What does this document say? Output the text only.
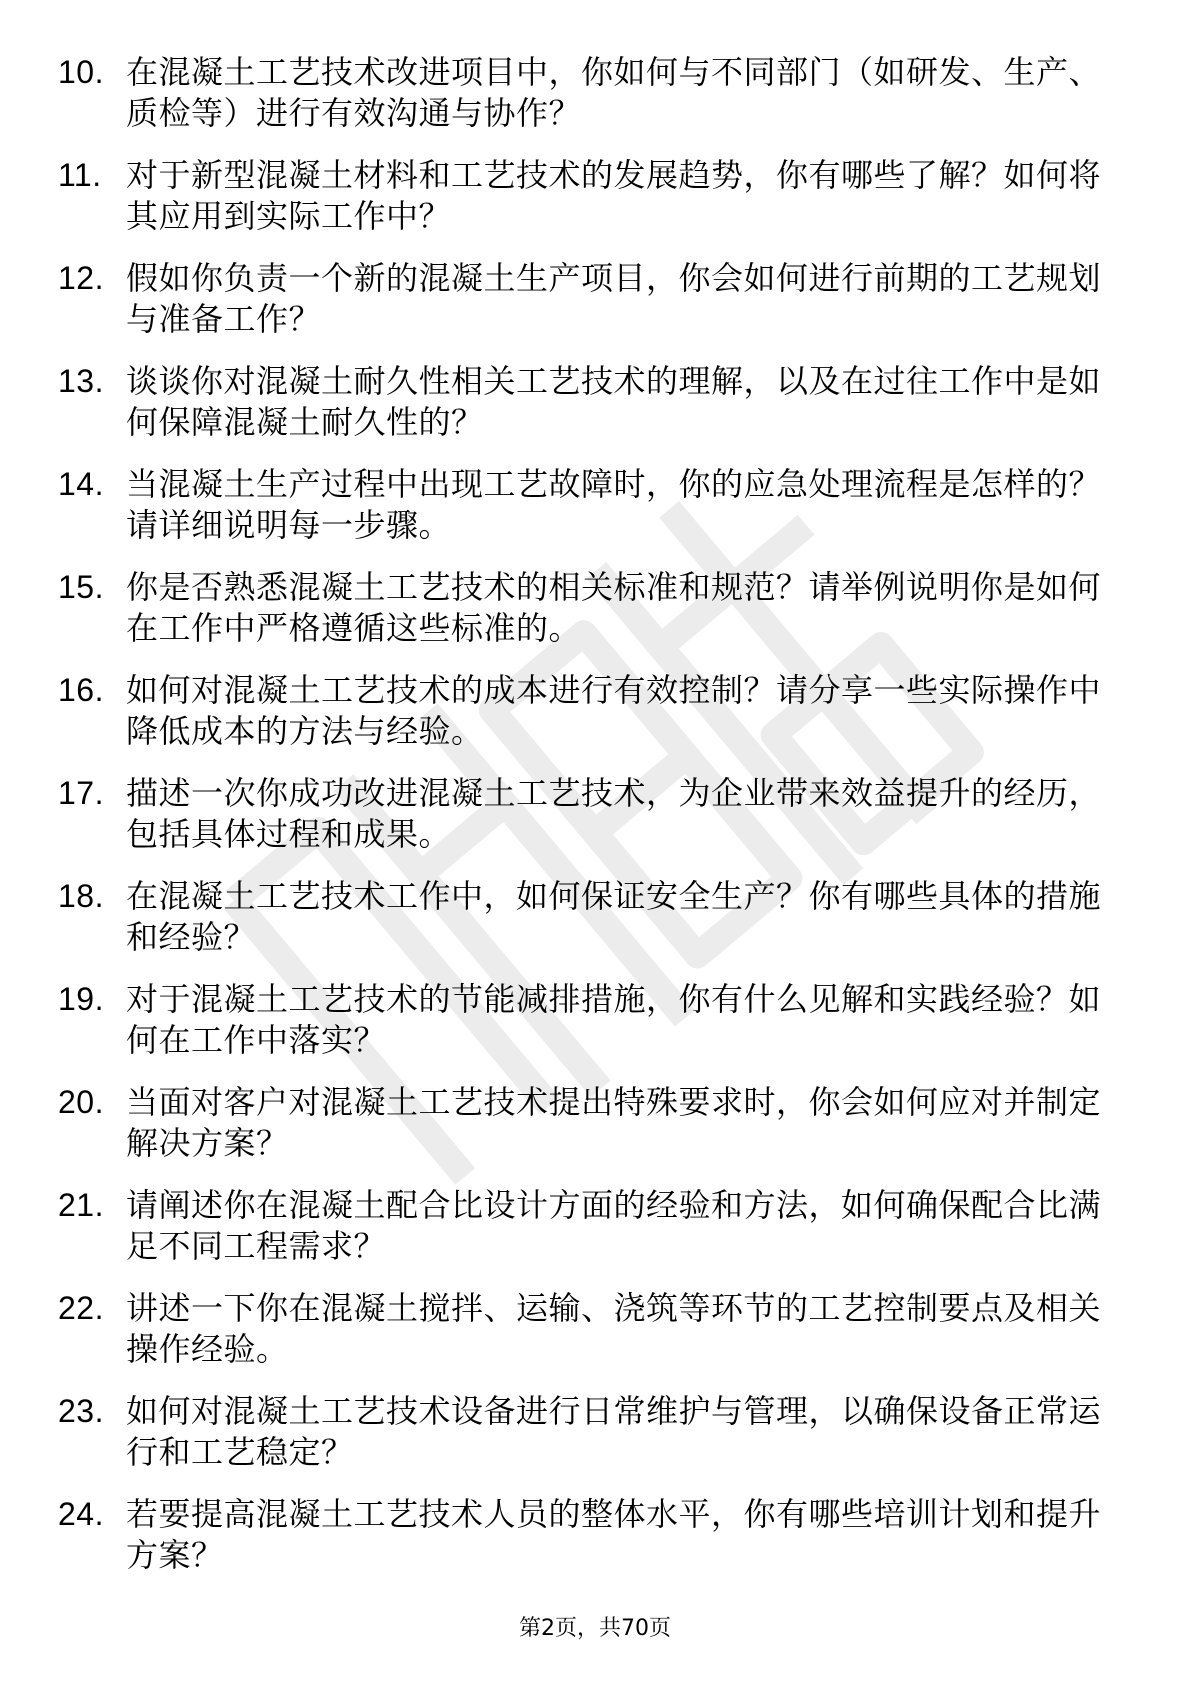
10. 在混凝土工艺技术改进项目中，你如何与不同部门（如研发、生产、质检等）进行有效沟通与协作？
11. 对于新型混凝土材料和工艺技术的发展趋势，你有哪些了解？如何将其应用到实际工作中？
12. 假如你负责一个新的混凝土生产项目，你会如何进行前期的工艺规划与准备工作？
13. 谈谈你对混凝土耐久性相关工艺技术的理解，以及在过往工作中是如何保障混凝土耐久性的？
14. 当混凝土生产过程中出现工艺故障时，你的应急处理流程是怎样的？请详细说明每一步骤。
15. 你是否熟悉混凝土工艺技术的相关标准和规范？请举例说明你是如何在工作中严格遵循这些标准的。
16. 如何对混凝土工艺技术的成本进行有效控制？请分享一些实际操作中降低成本的方法与经验。
17. 描述一次你成功改进混凝土工艺技术，为企业带来效益提升的经历，包括具体过程和成果。
18. 在混凝土工艺技术工作中，如何保证安全生产？你有哪些具体的措施和经验？
19. 对于混凝土工艺技术的节能减排措施，你有什么见解和实践经验？如何在工作中落实？
20. 当面对客户对混凝土工艺技术提出特殊要求时，你会如何应对并制定解决方案？
21. 请阐述你在混凝土配合比设计方面的经验和方法，如何确保配合比满足不同工程需求？
22. 讲述一下你在混凝土搅拌、运输、浇筑等环节的工艺控制要点及相关操作经验。
23. 如何对混凝土工艺技术设备进行日常维护与管理，以确保设备正常运行和工艺稳定？
24. 若要提高混凝土工艺技术人员的整体水平，你有哪些培训计划和提升方案？
第2页，共70页
